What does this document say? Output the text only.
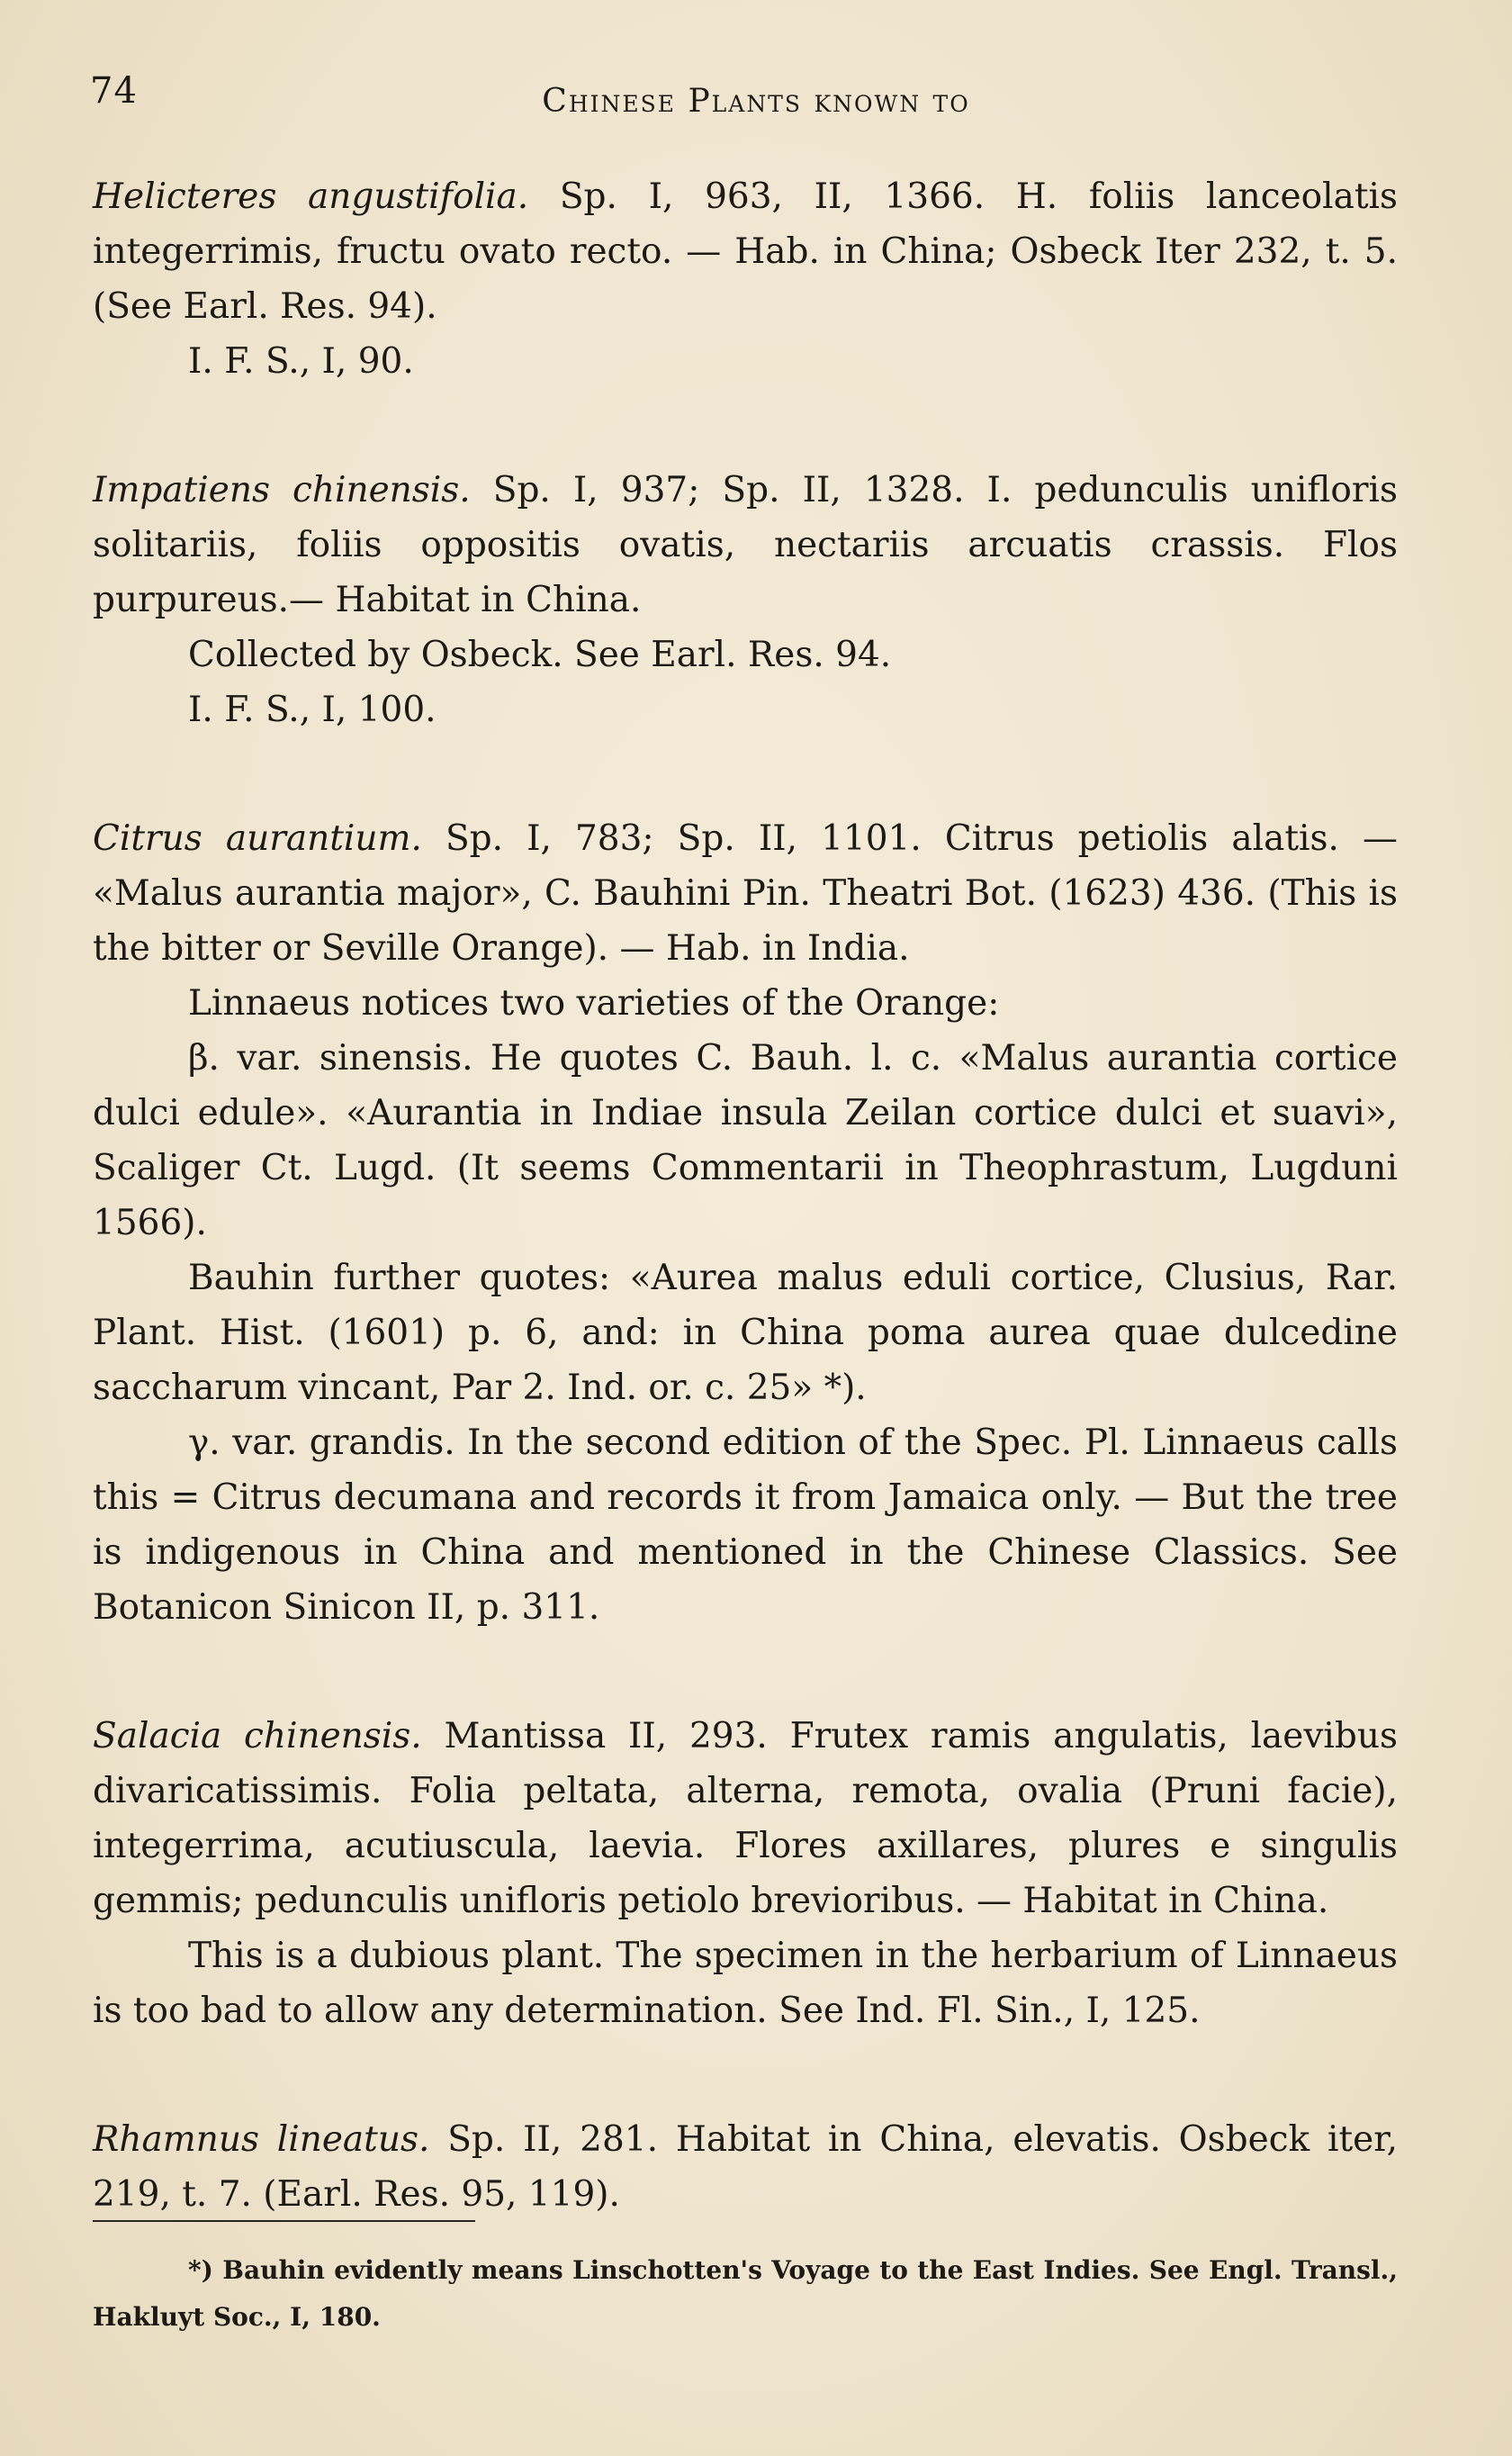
74	Chinese Plants known to

Helicteres angustifolia. Sp. I, 963, II, 1366. H. foliis lanceolatis integerrimis, fructu ovato recto. — Hab. in China; Osbeck Iter 232, t. 5. (See Earl. Res. 94).

I. F. S., I, 90.

Impatiens chinensis. Sp. I, 937; Sp. II, 1328. I. pedunculis unifloris solitariis, foliis oppositis ovatis, nectariis arcuatis crassis. Flos purpureus.— Habitat in China.

Collected by Osbeck. See Earl. Res. 94.

I. F. S., I, 100.

Citrus aurantium. Sp. I, 783; Sp. II, 1101. Citrus petiolis alatis. — «Malus aurantia major», C. Bauhini Pin. Theatri Bot. (1623) 436. (This is the bitter or Seville Orange). — Hab. in India.

Linnaeus notices two varieties of the Orange:

β. var. sinensis. He quotes C. Bauh. l. c. «Malus aurantia cortice dulci edule». «Aurantia in Indiae insula Zeilan cortice dulci et suavi», Scaliger Ct. Lugd. (It seems Commentarii in Theophrastum, Lugduni 1566).

Bauhin further quotes: «Aurea malus eduli cortice, Clusius, Rar. Plant. Hist. (1601) p. 6, and: in China poma aurea quae dulcedine saccharum vincant, Par 2. Ind. or. c. 25» *).

γ. var. grandis. In the second edition of the Spec. Pl. Linnaeus calls this = Citrus decumana and records it from Jamaica only. — But the tree is indigenous in China and mentioned in the Chinese Classics. See Botanicon Sinicon II, p. 311.

Salacia chinensis. Mantissa II, 293. Frutex ramis angulatis, laevibus divaricatissimis. Folia peltata, alterna, remota, ovalia (Pruni facie), integerrima, acutiuscula, laevia. Flores axillares, plures e singulis gemmis; pedunculis unifloris petiolo brevioribus. — Habitat in China.

This is a dubious plant. The specimen in the herbarium of Linnaeus is too bad to allow any determination. See Ind. Fl. Sin., I, 125.

Rhamnus lineatus. Sp. II, 281. Habitat in China, elevatis. Osbeck iter, 219, t. 7. (Earl. Res. 95, 119).

*) Bauhin evidently means Linschotten's Voyage to the East Indies. See Engl. Transl., Hakluyt Soc., I, 180.
